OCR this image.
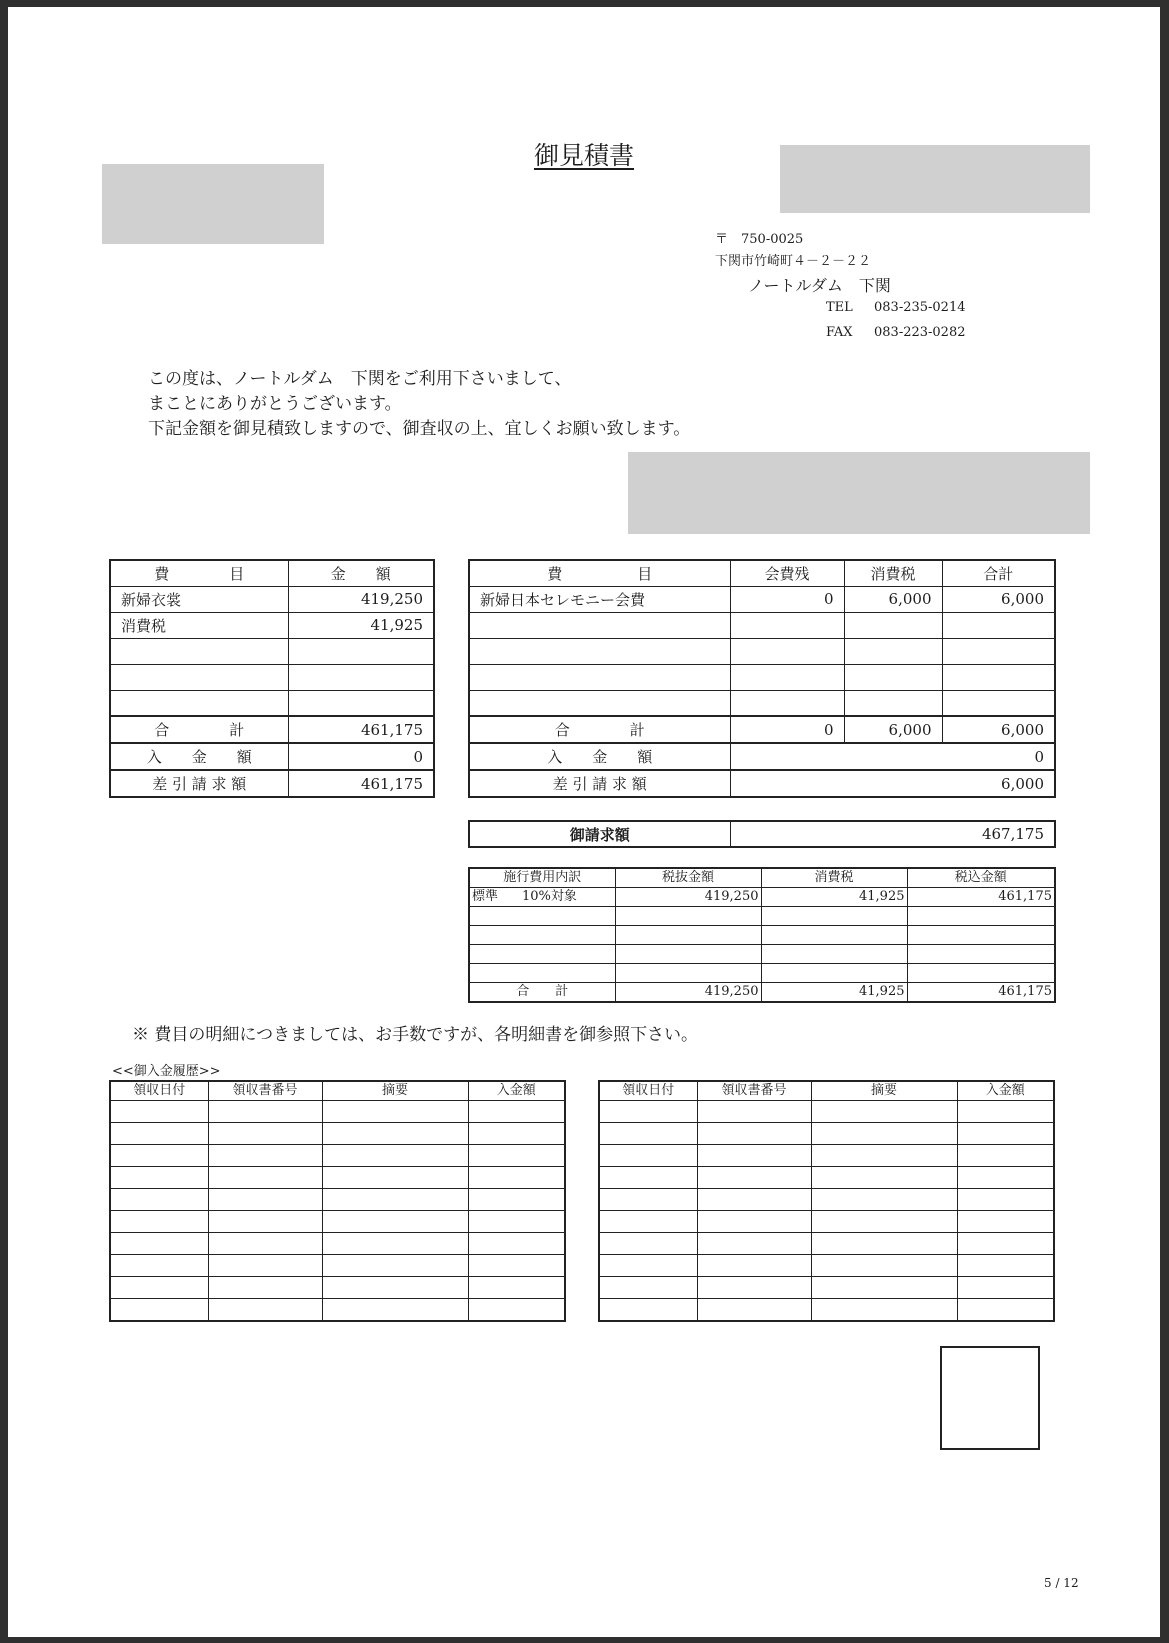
御見積書
〒　750-0025
下関市竹崎町４－２－２２
ノートルダム　下関
TEL 083-235-0214
FAX 083-223-0282
この度は、ノートルダム　下関をご利用下さいまして、
まことにありがとうございます。
下記金額を御見積致しますので、御査収の上、宜しくお願い致します。
費　　　　目	金　　額
新婦衣裳	419,250
消費税	41,925

合　　　　計	461,175
入　　金　　額	0
差 引 請 求 額	461,175
費　　　　　目	会費残	消費税	合計
新婦日本セレモニー会費	0	6,000	6,000

合　　　　計	0	6,000	6,000
入　　金　　額	0		
差 引 請 求 額	6,000		
御請求額	467,175
施行費用内訳	税抜金額	消費税	税込金額
標準 10%対象	419,250	41,925	461,175

合　　計	419,250	41,925	461,175
※ 費目の明細につきましては、お手数ですが、各明細書を御参照下さい。
<<御入金履歴>>
領収日付	領収書番号	摘要	入金額

				領収日付	領収書番号	摘要	入金額

5 / 12
